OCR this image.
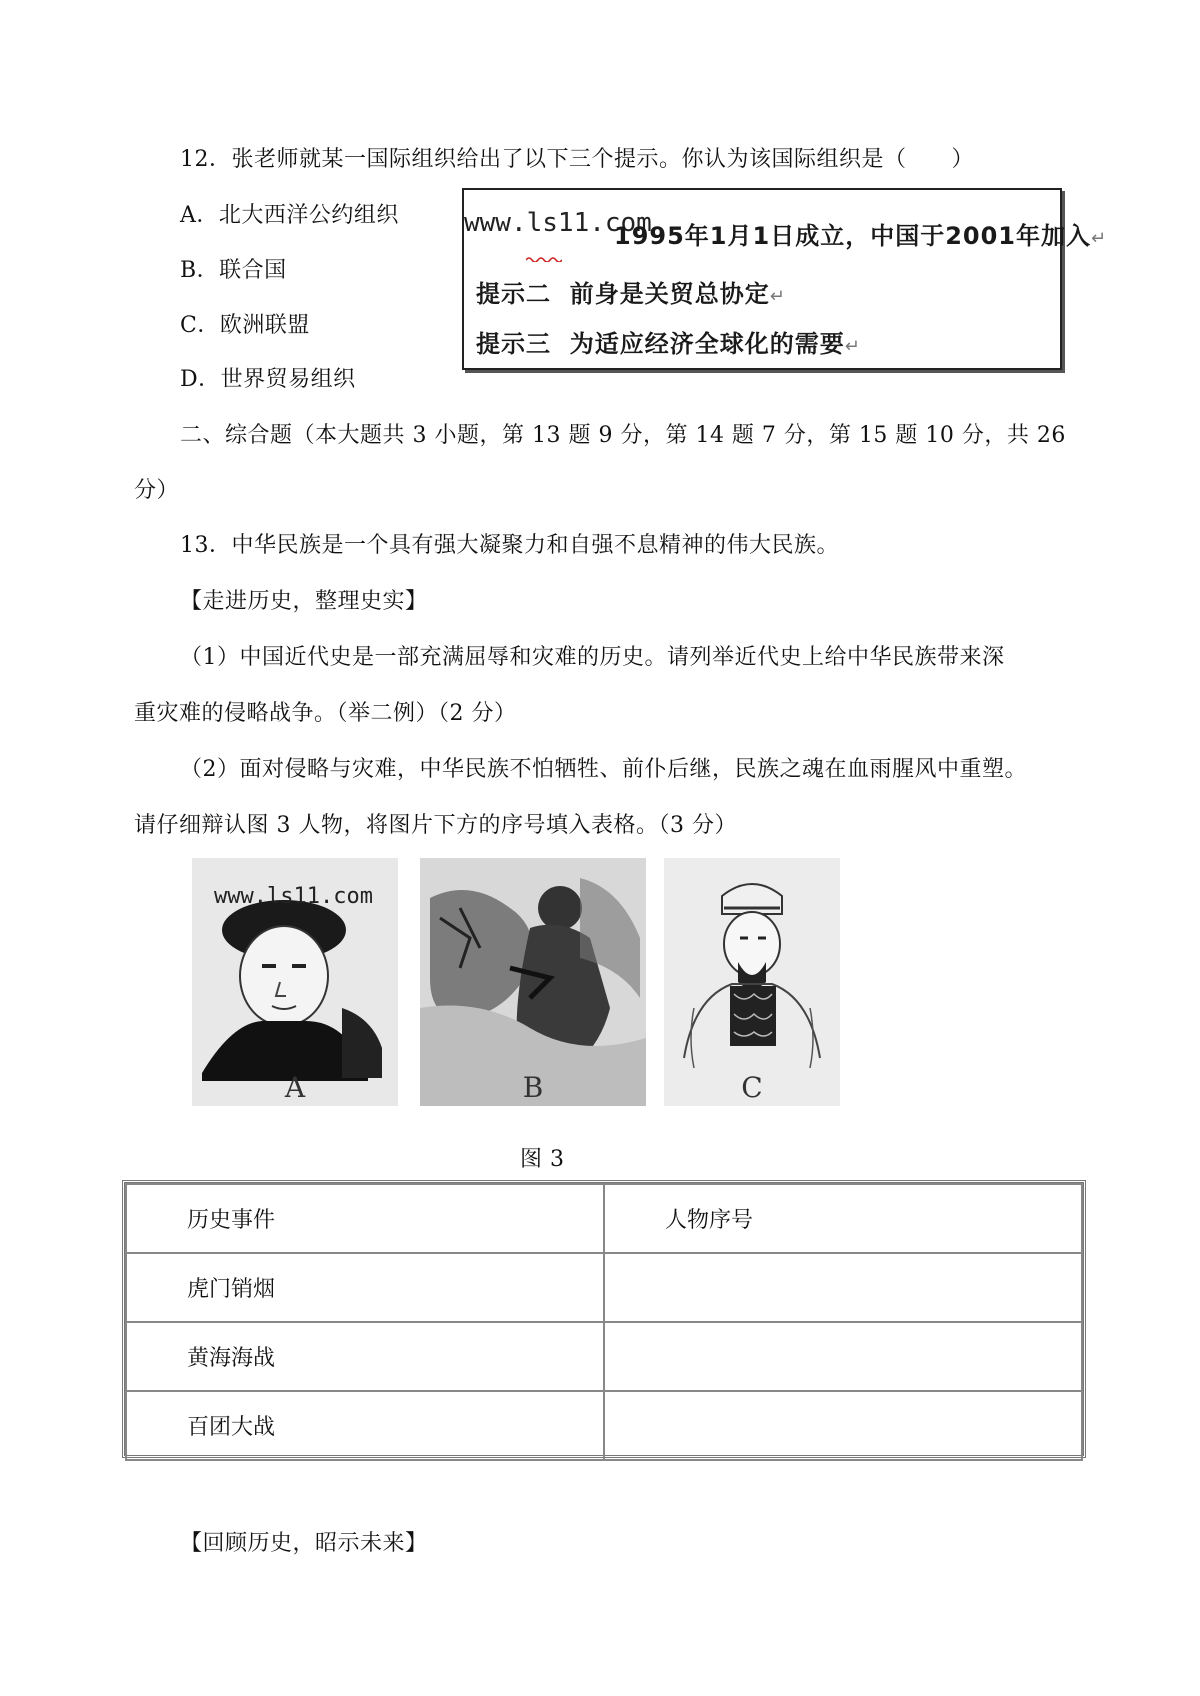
12．张老师就某一国际组织给出了以下三个提示。你认为该国际组织是（　　）
A．北大西洋公约组织
B．联合国
C．欧洲联盟
D．世界贸易组织
www.ls11.com
1995年1月1日成立，中国于2001年加入↵
提示二 前身是关贸总协定↵
提示三 为适应经济全球化的需要↵
二、综合题（本大题共 3 小题，第 13 题 9 分，第 14 题 7 分，第 15 题 10 分，共 26
分）
13．中华民族是一个具有强大凝聚力和自强不息精神的伟大民族。
【走进历史，整理史实】
（1）中国近代史是一部充满屈辱和灾难的历史。请列举近代史上给中华民族带来深
重灾难的侵略战争。（举二例）（2 分）
（2）面对侵略与灾难，中华民族不怕牺牲、前仆后继，民族之魂在血雨腥风中重塑。
请仔细辩认图 3 人物，将图片下方的序号填入表格。（3 分）
www.ls11.com
A	B	C
图 3
历史事件	人物序号
虎门销烟	
黄海海战	
百团大战	
【回顾历史，昭示未来】
